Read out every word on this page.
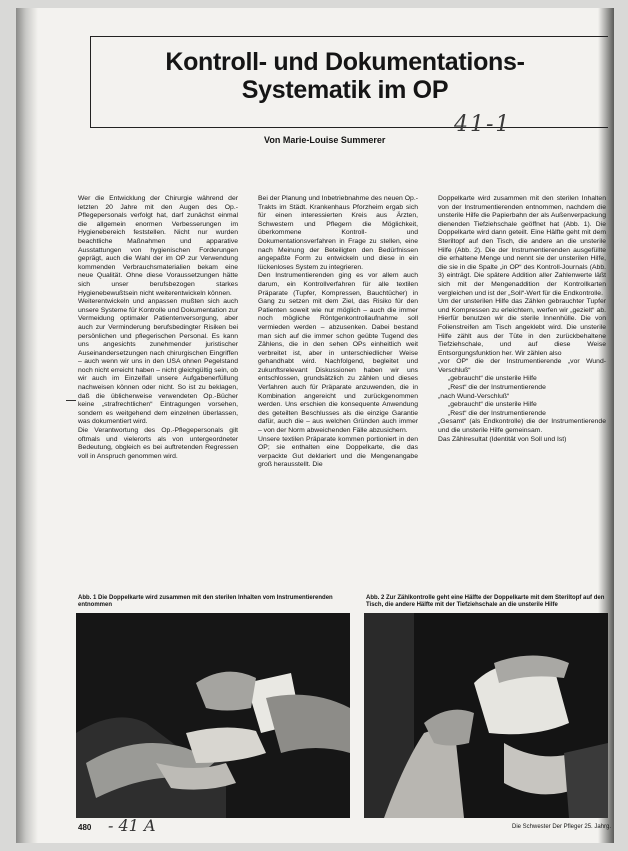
Kontroll- und Dokumentations-
Systematik im OP
Von Marie-Louise Summerer
41-1

Wer die Entwicklung der Chirurgie während der letzten 20 Jahre mit den Augen des Op.-Pflegepersonals verfolgt hat, darf zunächst einmal die allgemein enormen Verbesserungen im Hygienebereich feststellen. Nicht nur wurden beachtliche Maßnahmen und apparative Ausstattungen von hygienischen Forderungen geprägt, auch die Wahl der im OP zur Verwendung kommenden Verbrauchsmaterialien bekam eine neue Qualität. Ohne diese Voraussetzungen hätte sich unser berufsbezogen starkes Hygienebewußtsein nicht weiterentwickeln können.

Weiterentwickeln und anpassen mußten sich auch unsere Systeme für Kontrolle und Dokumentation zur Vermeidung optimaler Patientenversorgung, aber auch zur Verminderung berufsbedingter Risiken bei persönlichen und pflegerischen Personal. Es kann uns angesichts zunehmender juristischer Auseinandersetzungen nach chirurgischen Eingriffen – auch wenn wir uns in den USA ohnen Pegelstand noch nicht erreicht haben – nicht gleichgültig sein, ob wir auch im Einzelfall unsere Aufgabenerfüllung nachweisen können oder nicht. So ist zu beklagen, daß die üblicherweise verwendeten Op.-Bücher keine „strafrechtlichen“ Eintragungen vorsehen, sondern es weitgehend dem einzelnen überlassen, was dokumentiert wird.

Die Verantwortung des Op.-Pflegepersonals gilt oftmals und vielerorts als von untergeordneter Bedeutung, obgleich es bei auftretenden Regressen voll in Anspruch genommen wird.

Bei der Planung und Inbetriebnahme des neuen Op.-Trakts im Städt. Krankenhaus Pforzheim ergab sich für einen interessierten Kreis aus Ärzten, Schwestern und Pflegern die Möglichkeit, überkommene Kontroll- und Dokumentationsverfahren in Frage zu stellen, eine nach Meinung der Beteiligten den Bedürfnissen angepaßte Form zu entwickeln und diese in ein lückenloses System zu integrieren.

Den Instrumentierenden ging es vor allem auch darum, ein Kontrollverfahren für alle textilen Präparate (Tupfer, Kompressen, Bauchtücher) in Gang zu setzen mit dem Ziel, das Risiko für den Patienten soweit wie nur möglich – auch die immer noch mögliche Röntgenkontrollaufnahme soll vermieden werden – abzusenken. Dabei bestand man sich auf die immer schon geübte Tugend des Zählens, die in den sehen OPs einheitlich weit verbreitet ist, aber in unterschiedlicher Weise gehandhabt wird. Nachfolgend, begleitet und zukunftsrelevant Diskussionen haben wir uns entschlossen, grundsätzlich zu zählen und dieses Verfahren auch für Präparate anzuwenden, die in Kombination angereicht und zurückgenommen werden. Uns erschien die konsequente Anwendung des geteilten Beschlusses als die einzige Garantie dafür, auch die – aus welchen Gründen auch immer – von der Norm abweichenden Fälle abzusichern.

Unsere textilen Präparate kommen portioniert in den OP; sie enthalten eine Doppelkarte, die das verpackte Gut deklariert und die Mengenangabe groß herausstellt. Die

Doppelkarte wird zusammen mit den sterilen Inhalten von der Instrumentierenden entnommen, nachdem die unsterile Hilfe die Papierbahn der als Außenverpackung dienenden Tiefziehschale geöffnet hat (Abb. 1). Die Doppelkarte wird dann geteilt. Eine Hälfte geht mit dem Steriltopf auf den Tisch, die andere an die unsterile Hilfe (Abb. 2). Die der Instrumentierenden ausgefüllte die erhaltene Menge und nennt sie der unsterilen Hilfe, die sie in die Spalte „in OP“ des Kontroll-Journals (Abb. 3) einträgt. Die spätere Addition aller Zahlenwerte läßt sich mit der Mengenaddition der Kontrollkarten vergleichen und ist der „Soll“-Wert für die Endkontrolle.

Um der unsterilen Hilfe das Zählen gebrauchter Tupfer und Kompressen zu erleichtern, werfen wir „gezielt“ ab. Hierfür benutzen wir die sterile Innenhülle. Die von Folienstreifen am Tisch angeklebt wird. Die unsterile Hilfe zählt aus der Tüte in den zurückbehaltene Tiefziehschale, und auf diese Weise Entsorgungsfunktion her. Wir zählen also

„vor OP“ die der Instrumentierende „vor Wund-Verschluß“

„gebraucht“ die unsterile Hilfe

„Rest“ die der Instrumentierende

„nach Wund-Verschluß“

„gebraucht“ die unsterile Hilfe

„Rest“ die der Instrumentierende

„Gesamt“ (als Endkontrolle) die der Instrumentierende und die unsterile Hilfe gemeinsam.

Das Zählresultat (Identität von Soll und Ist)

Abb. 1 Die Doppelkarte wird zusammen mit den sterilen Inhalten vom Instrumentierenden entnommen
Abb. 2 Zur Zählkontrolle geht eine Hälfte der Doppelkarte mit dem Steriltopf auf den Tisch, die andere Hälfte mit der Tiefziehschale an die unsterile Hilfe
480 - 41 A	Die Schwester Der Pfleger 25. Jahrg.
